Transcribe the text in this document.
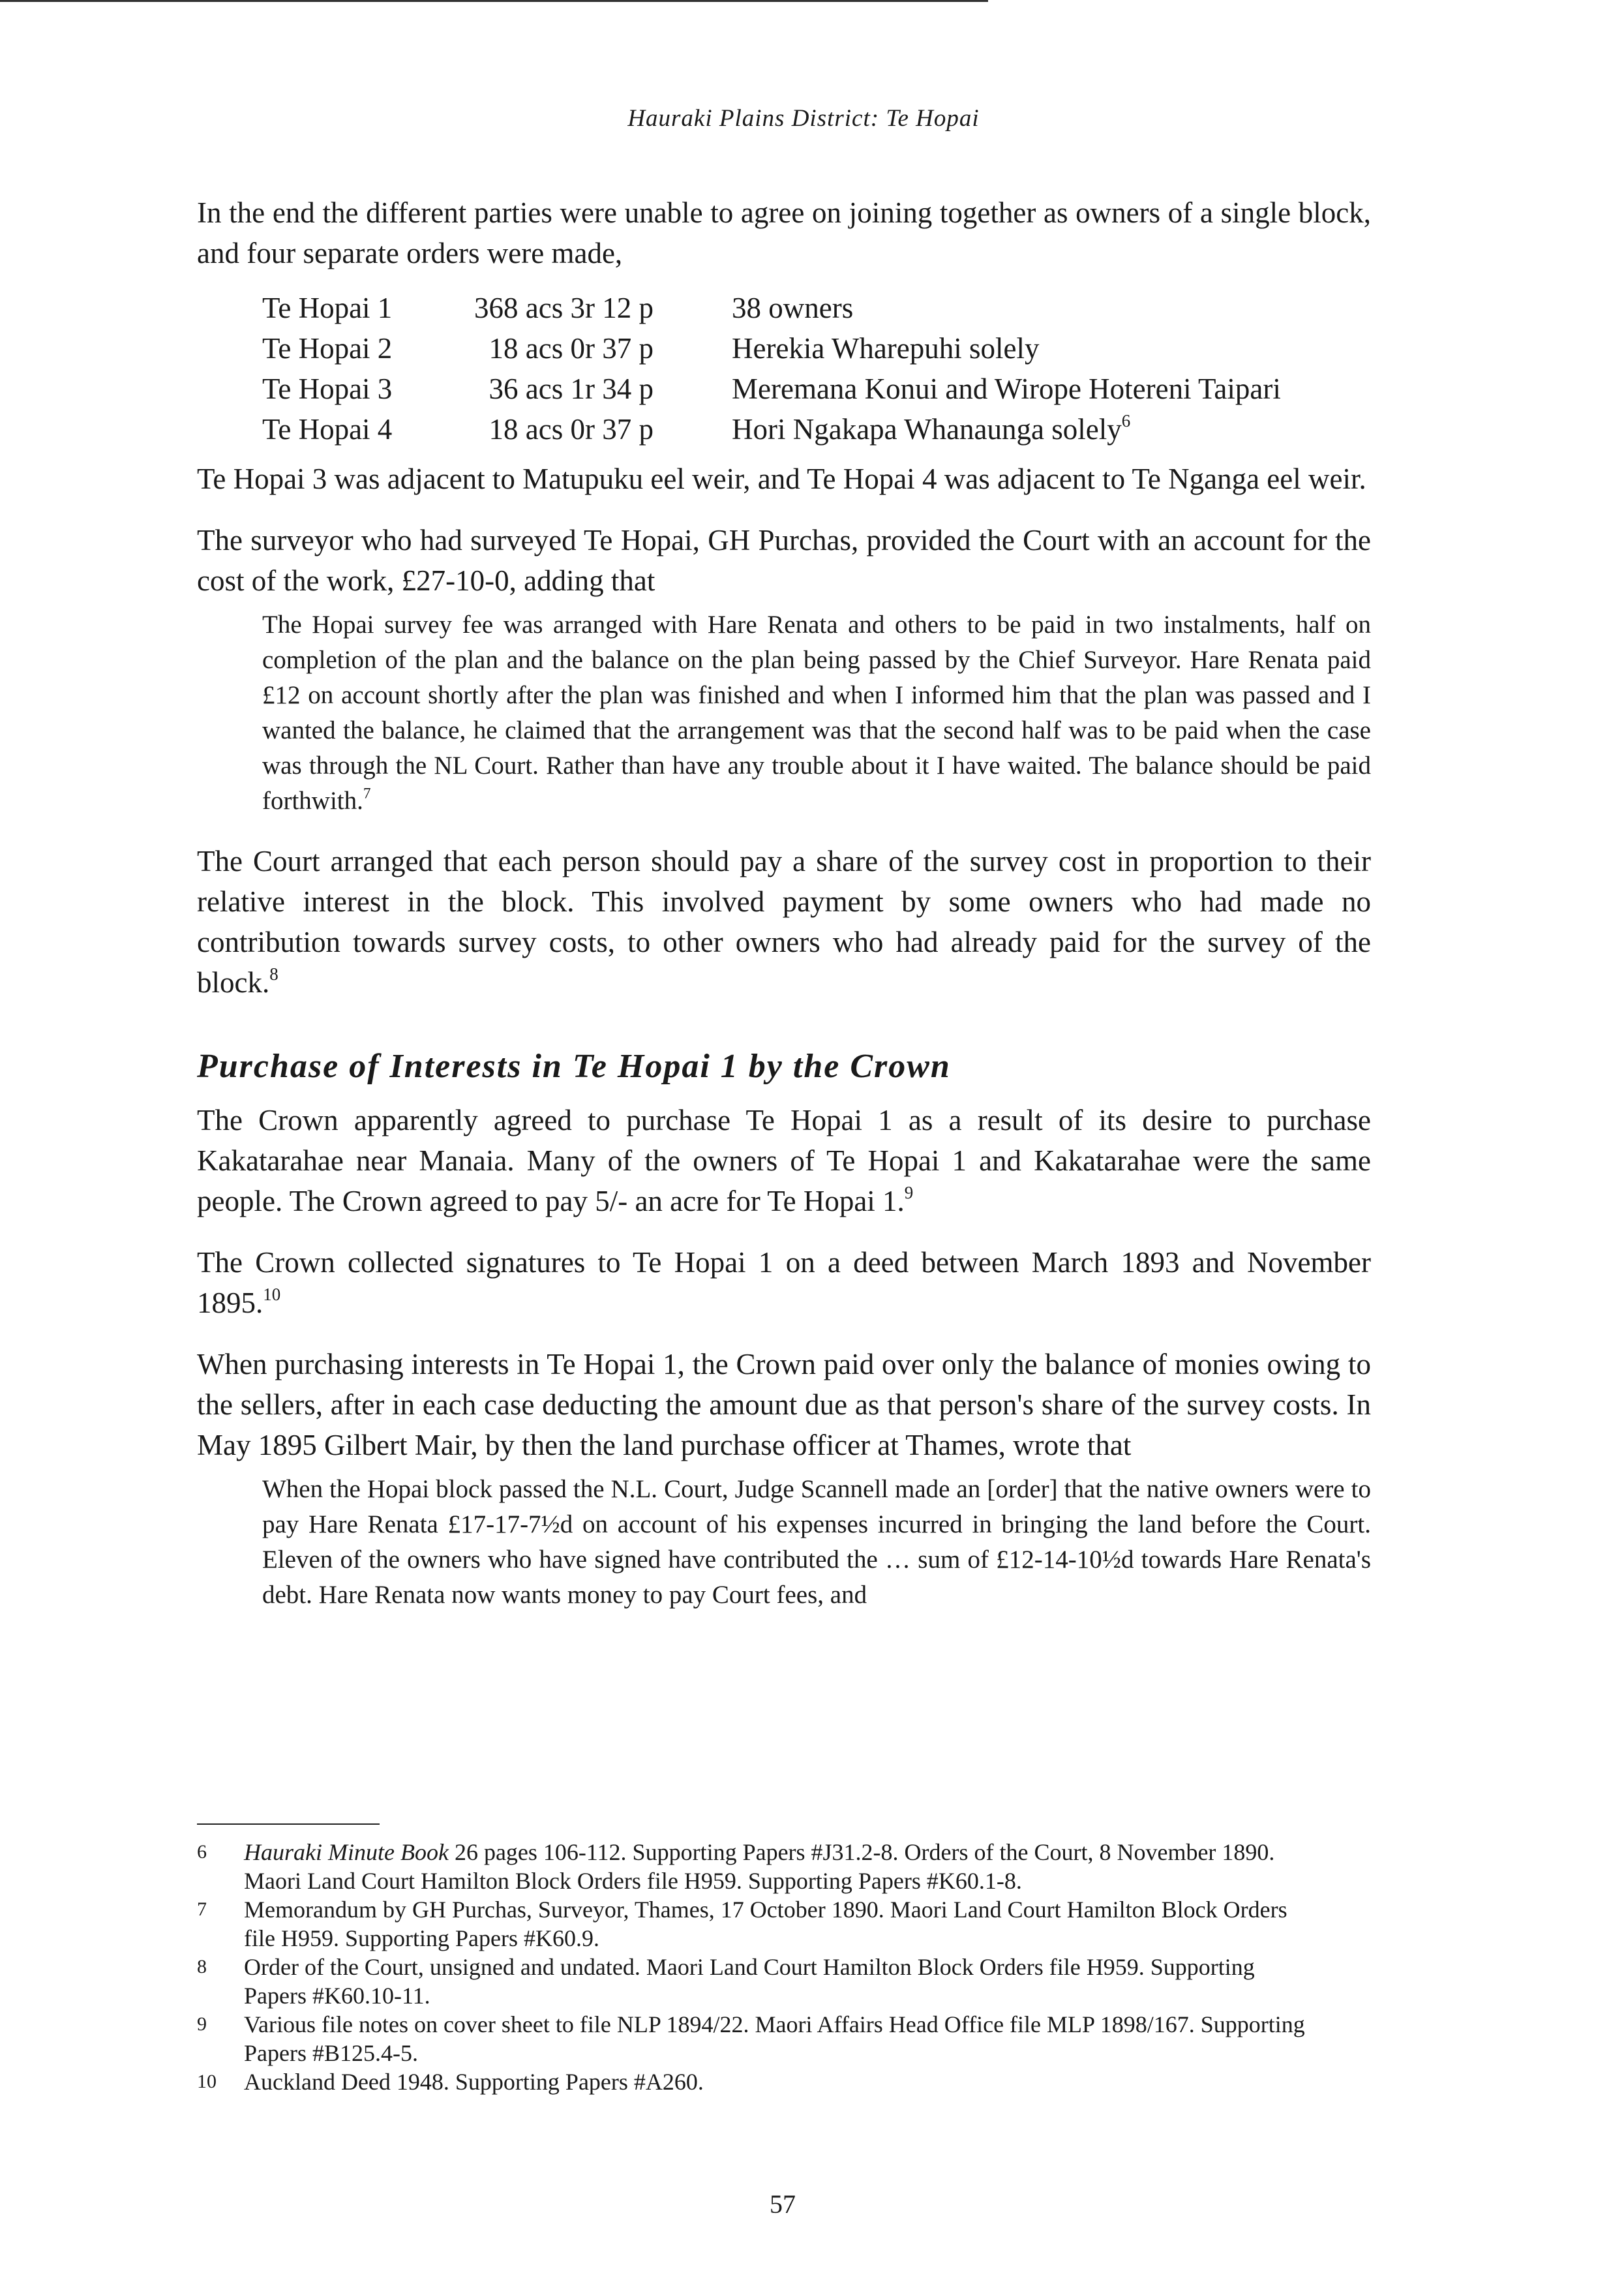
Hauraki Plains District: Te Hopai

In the end the different parties were unable to agree on joining together as owners of a single block, and four separate orders were made,

Te Hopai 1	368 acs 3r 12 p	38 owners
Te Hopai 2	18 acs 0r 37 p	Herekia Wharepuhi solely
Te Hopai 3	36 acs 1r 34 p	Meremana Konui and Wirope Hotereni Taipari
Te Hopai 4	18 acs 0r 37 p	Hori Ngakapa Whanaunga solely$^6$

Te Hopai 3 was adjacent to Matupuku eel weir, and Te Hopai 4 was adjacent to Te Nganga eel weir.

The surveyor who had surveyed Te Hopai, GH Purchas, provided the Court with an account for the cost of the work, £27-10-0, adding that

The Hopai survey fee was arranged with Hare Renata and others to be paid in two instalments, half on completion of the plan and the balance on the plan being passed by the Chief Surveyor. Hare Renata paid £12 on account shortly after the plan was finished and when I informed him that the plan was passed and I wanted the balance, he claimed that the arrangement was that the second half was to be paid when the case was through the NL Court. Rather than have any trouble about it I have waited. The balance should be paid forthwith.$^7$

The Court arranged that each person should pay a share of the survey cost in proportion to their relative interest in the block. This involved payment by some owners who had made no contribution towards survey costs, to other owners who had already paid for the survey of the block.$^8$

Purchase of Interests in Te Hopai 1 by the Crown

The Crown apparently agreed to purchase Te Hopai 1 as a result of its desire to purchase Kakatarahae near Manaia. Many of the owners of Te Hopai 1 and Kakatarahae were the same people. The Crown agreed to pay 5/- an acre for Te Hopai 1.$^9$

The Crown collected signatures to Te Hopai 1 on a deed between March 1893 and November 1895.10

When purchasing interests in Te Hopai 1, the Crown paid over only the balance of monies owing to the sellers, after in each case deducting the amount due as that person's share of the survey costs. In May 1895 Gilbert Mair, by then the land purchase officer at Thames, wrote that

When the Hopai block passed the N.L. Court, Judge Scannell made an [order] that the native owners were to pay Hare Renata £17-17-7½d on account of his expenses incurred in bringing the land before the Court. Eleven of the owners who have signed have contributed the … sum of £12-14-10½d towards Hare Renata's debt. Hare Renata now wants money to pay Court fees, and
6	Hauraki Minute Book 26 pages 106-112. Supporting Papers #J31.2-8. Orders of the Court, 8 November 1890. Maori Land Court Hamilton Block Orders file H959. Supporting Papers #K60.1-8.
7	Memorandum by GH Purchas, Surveyor, Thames, 17 October 1890. Maori Land Court Hamilton Block Orders file H959. Supporting Papers #K60.9.
8	Order of the Court, unsigned and undated. Maori Land Court Hamilton Block Orders file H959. Supporting Papers #K60.10-11.
9	Various file notes on cover sheet to file NLP 1894/22. Maori Affairs Head Office file MLP 1898/167. Supporting Papers #B125.4-5.
10	Auckland Deed 1948. Supporting Papers #A260.
57
